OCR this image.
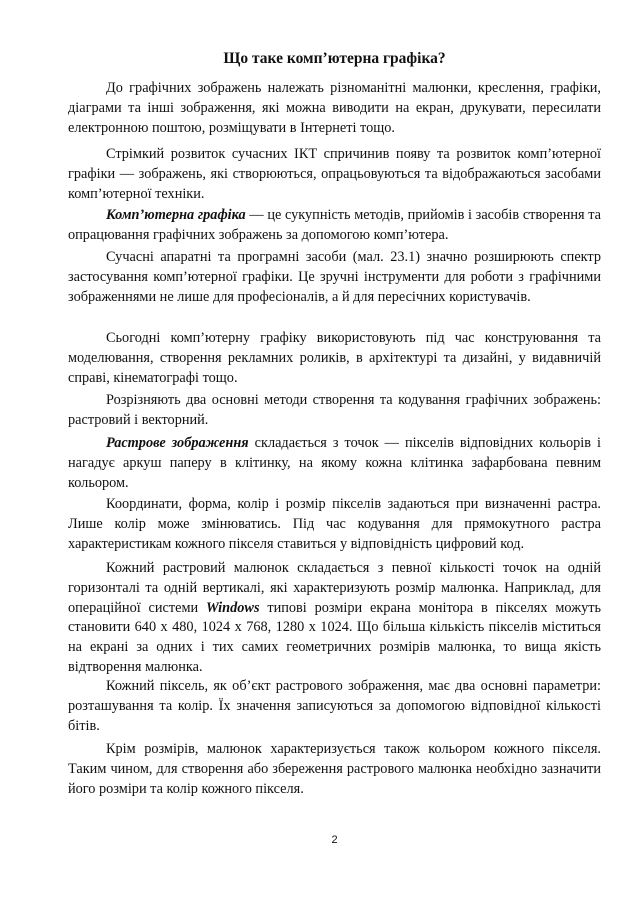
Що таке комп’ютерна графіка?

До графічних зображень належать різноманітні малюнки, креслення, графіки, діаграми та інші зображення, які можна виводити на екран, друкувати, пересилати електронною поштою, розміщувати в Інтернеті тощо.

Стрімкий розвиток сучасних ІКТ спричинив появу та розвиток комп’ютерної графіки — зображень, які створюються, опрацьовуються та відображаються засобами комп’ютерної техніки.

Комп’ютерна графіка — це сукупність методів, прийомів і засобів створення та опрацювання графічних зображень за допомогою комп’ютера.

Сучасні апаратні та програмні засоби (мал. 23.1) значно розширюють спектр застосування комп’ютерної графіки. Це зручні інструменти для роботи з графічними зображеннями не лише для професіоналів, а й для пересічних користувачів.

Сьогодні комп’ютерну графіку використовують під час конструювання та моделювання, створення рекламних роликів, в архітектурі та дизайні, у видавничій справі, кінематографі тощо.

Розрізняють два основні методи створення та кодування графічних зображень: растровий і векторний.

Растрове зображення складається з точок — пікселів відповідних кольорів і нагадує аркуш паперу в клітинку, на якому кожна клітинка зафарбована певним кольором.

Координати, форма, колір і розмір пікселів задаються при визначенні растра. Лише колір може змінюватись. Під час кодування для прямокутного растра характеристикам кожного пікселя ставиться у відповідність цифровий код.

Кожний растровий малюнок складається з певної кількості точок на одній горизонталі та одній вертикалі, які характеризують розмір малюнка. Наприклад, для операційної системи Windows типові розміри екрана монітора в пікселях можуть становити 640 x 480, 1024 x 768, 1280 x 1024. Що більша кількість пікселів міститься на екрані за одних і тих самих геометричних розмірів малюнка, то вища якість відтворення малюнка.

Кожний піксель, як об’єкт растрового зображення, має два основні параметри: розташування та колір. Їх значення записуються за допомогою відповідної кількості бітів.

Крім розмірів, малюнок характеризується також кольором кожного пікселя. Таким чином, для створення або збереження растрового малюнка необхідно зазначити його розміри та колір кожного пікселя.

2
